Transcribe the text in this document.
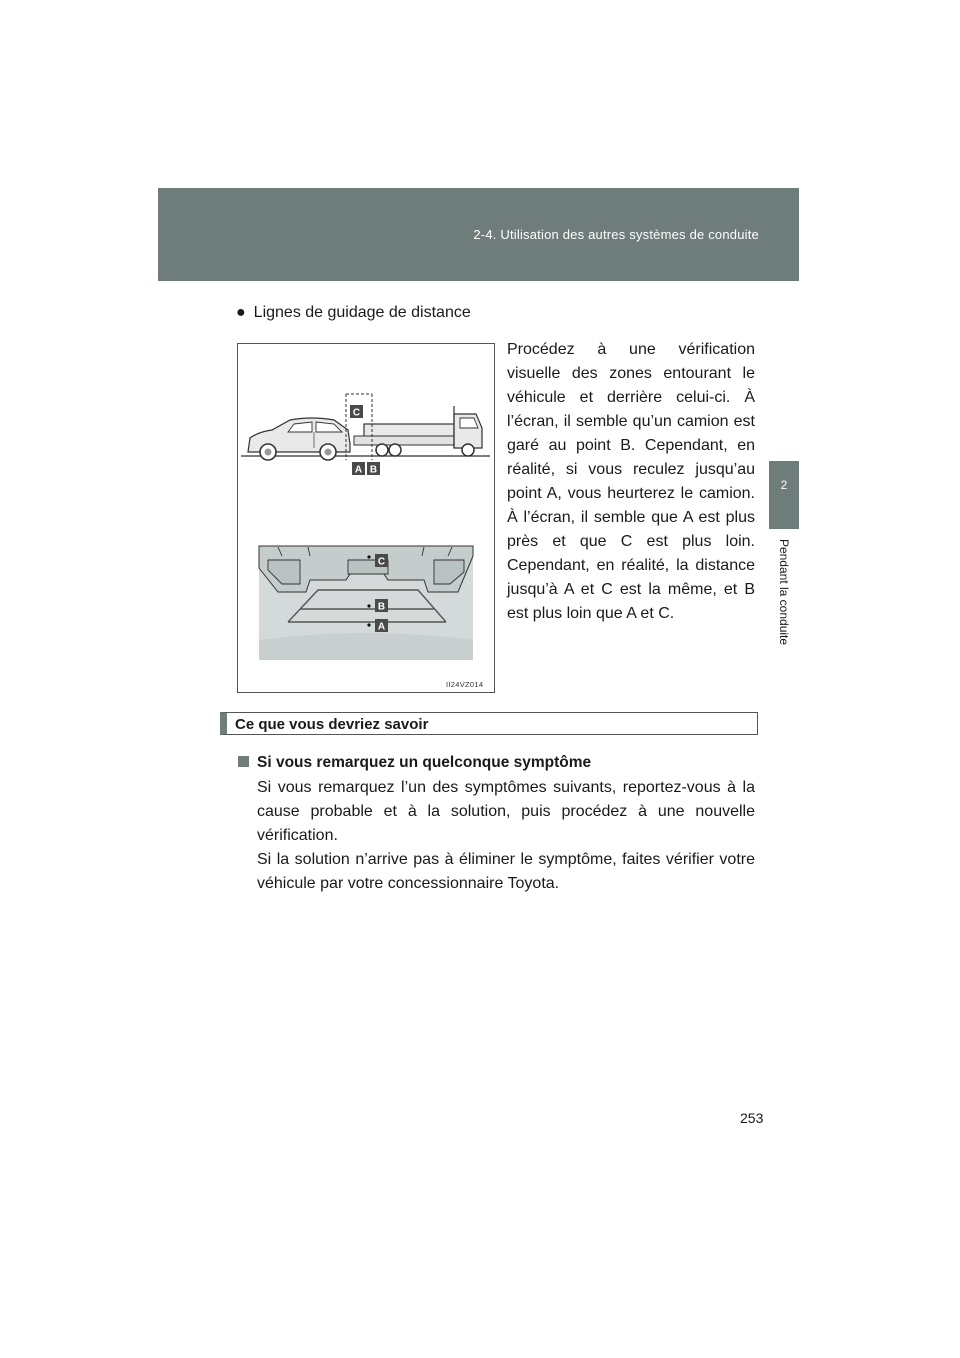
2-4. Utilisation des autres systèmes de conduite
2
Pendant la conduite
● Lignes de guidage de distance
C
A B
C
B
A
II24VZ014
Procédez à une vérification visuelle des zones entourant le véhicule et derrière celui-ci. À l’écran, il semble qu’un camion est garé au point B. Cependant, en réalité, si vous reculez jusqu’au point A, vous heurterez le camion. À l’écran, il semble que A est plus près et que C est plus loin. Cependant, en réalité, la distance jusqu’à A et C est la même, et B est plus loin que A et C.
Ce que vous devriez savoir
Si vous remarquez un quelconque symptôme
Si vous remarquez l’un des symptômes suivants, reportez-vous à la cause probable et à la solution, puis procédez à une nouvelle vérification.
Si la solution n’arrive pas à éliminer le symptôme, faites vérifier votre véhicule par votre concessionnaire Toyota.
253
